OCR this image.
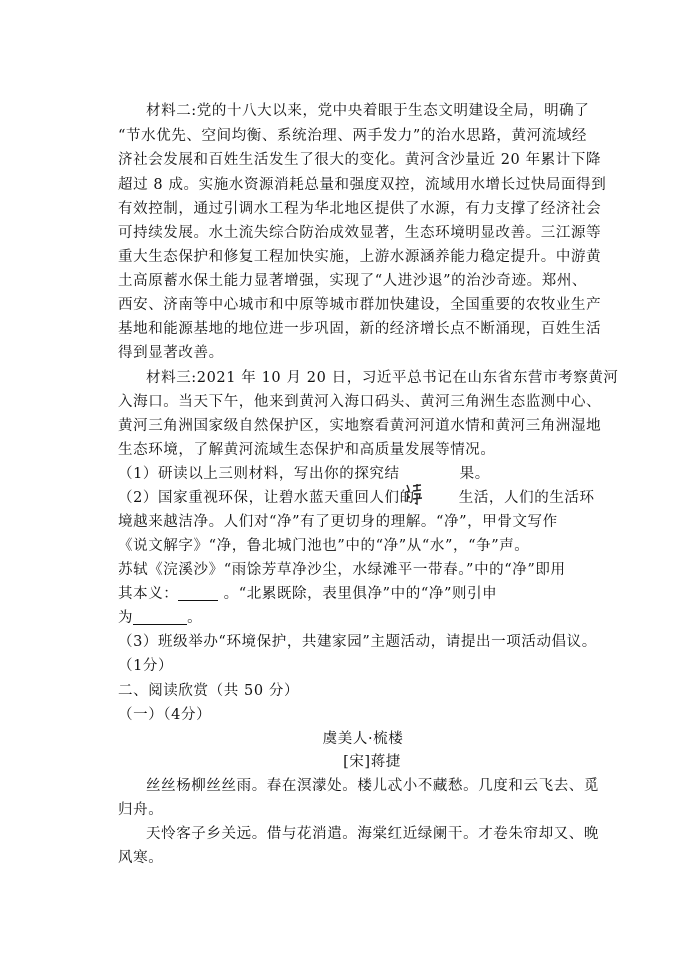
材料二:党的十八大以来，党中央着眼于生态文明建设全局，明确了
“节水优先、空间均衡、系统治理、两手发力”的治水思路，黄河流域经
济社会发展和百姓生活发生了很大的变化。黄河含沙量近 20 年累计下降
超过 8 成。实施水资源消耗总量和强度双控，流域用水增长过快局面得到
有效控制，通过引调水工程为华北地区提供了水源，有力支撑了经济社会
可持续发展。水土流失综合防治成效显著，生态环境明显改善。三江源等
重大生态保护和修复工程加快实施，上游水源涵养能力稳定提升。中游黄
土高原蓄水保土能力显著增强，实现了“人进沙退”的治沙奇迹。郑州、
西安、济南等中心城市和中原等城市群加快建设，全国重要的农牧业生产
基地和能源基地的地位进一步巩固，新的经济增长点不断涌现，百姓生活
得到显著改善。
材料三:2021 年 10 月 20 日，习近平总书记在山东省东营市考察黄河
入海口。当天下午，他来到黄河入海口码头、黄河三角洲生态监测中心、
黄河三角洲国家级自然保护区，实地察看黄河河道水情和黄河三角洲湿地
生态环境，了解黄河流域生态保护和高质量发展等情况。
（1）研读以上三则材料，写出你的探究结	果。
（2）国家重视环保，让碧水蓝天重回人们的	生活，人们的生活环
境越来越洁净。人们对“净”有了更切身的理解。“净”，甲骨文写作
《说文解字》“净，鲁北城门池也”中的“净”从“水”，“争”声。
苏轼《浣溪沙》“雨馀芳草净沙尘，水绿滩平一带春。”中的“净”即用
其本义：	。“北累既除，表里俱净”中的“净”则引申
为	。
（3）班级举办“环境保护，共建家园”主题活动，请提出一项活动倡议。
（1分）
二、阅读欣赏（共 50 分）
（一）（4分）
虞美人·梳楼
[宋]蒋捷
丝丝杨柳丝丝雨。春在溟濛处。楼儿忒小不藏愁。几度和云飞去、觅
归舟。
天怜客子乡关远。借与花消遣。海棠红近绿阑干。才卷朱帘却又、晚
风寒。
